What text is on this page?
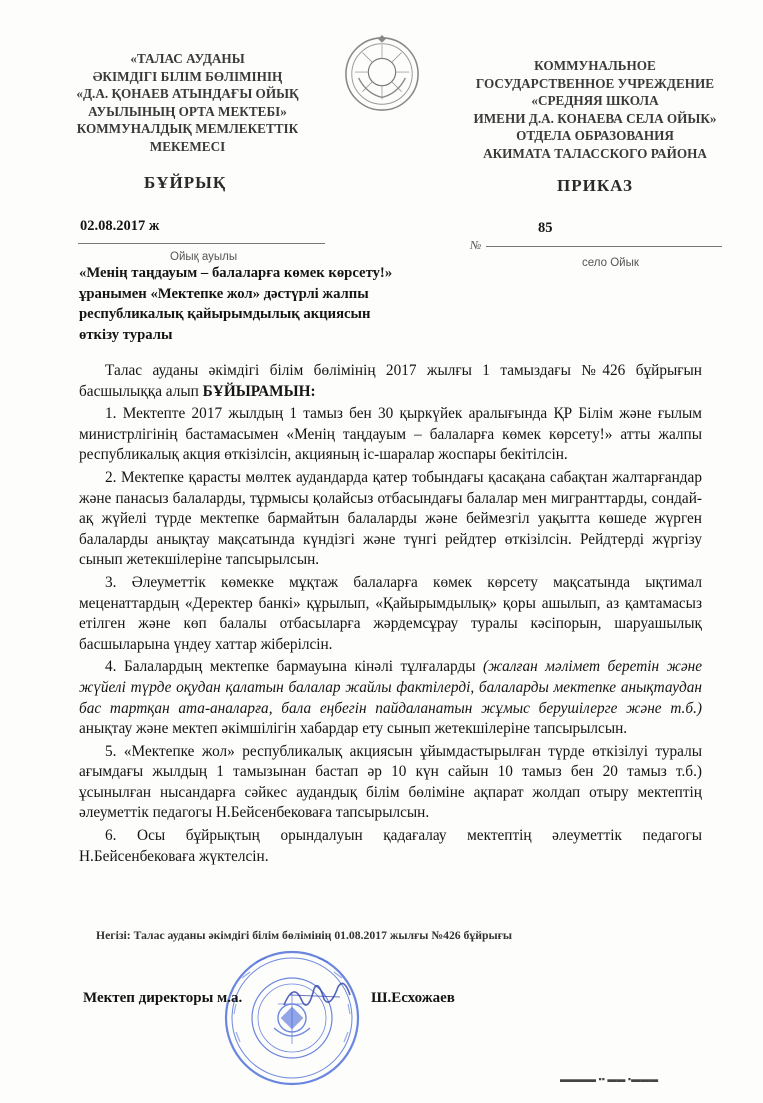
«ТАЛАС АУДАНЫ
ӘКІМДІГІ БІЛІМ БӨЛІМІНІҢ
«Д.А. ҚОНАЕВ АТЫНДАҒЫ ОЙЫҚ
АУЫЛЫНЫҢ ОРТА МЕКТЕБІ»
КОММУНАЛДЫҚ МЕМЛЕКЕТТІК
МЕКЕМЕСІ
КОММУНАЛЬНОЕ
ГОСУДАРСТВЕННОЕ УЧРЕЖДЕНИЕ
«СРЕДНЯЯ ШКОЛА
ИМЕНИ Д.А. КОНАЕВА СЕЛА ОЙЫК»
ОТДЕЛА ОБРАЗОВАНИЯ
АКИМАТА ТАЛАССКОГО РАЙОНА
БҰЙРЫҚ	ПРИКАЗ
02.08.2017 ж	85
Ойық ауылы
№
село Ойык
«Менің таңдауым – балаларға көмек көрсету!»
ұранымен «Мектепке жол» дәстүрлі жалпы
республикалық қайырымдылық акциясын
өткізу туралы

Талас ауданы әкімдігі білім бөлімінің 2017 жылғы 1 тамыздағы №426 бұйрығын басшылыққа алып БҰЙЫРАМЫН:

1. Мектепте 2017 жылдың 1 тамыз бен 30 қыркүйек аралығында ҚР Білім және ғылым министрлігінің бастамасымен «Менің таңдауым – балаларға көмек көрсету!» атты жалпы республикалық акция өткізілсін, акцияның іс-шаралар жоспары бекітілсін.

2. Мектепке қарасты мөлтек аудандарда қатер тобындағы қасақана сабақтан жалтарғандар және панасыз балаларды, тұрмысы қолайсыз отбасындағы балалар мен мигранттарды, сондай-ақ жүйелі түрде мектепке бармайтын балаларды және беймезгіл уақытта көшеде жүрген балаларды анықтау мақсатында күндізгі және түнгі рейдтер өткізілсін. Рейдтерді жүргізу сынып жетекшілеріне тапсырылсын.

3. Әлеуметтік көмекке мұқтаж балаларға көмек көрсету мақсатында ықтимал меценаттардың «Деректер банкі» құрылып, «Қайырымдылық» қоры ашылып, аз қамтамасыз етілген және көп балалы отбасыларға жәрдемсұрау туралы кәсіпорын, шаруашылық басшыларына үндеу хаттар жіберілсін.

4. Балалардың мектепке бармауына кінәлі тұлғаларды (жалған мәлімет беретін және жүйелі түрде оқудан қалатын балалар жайлы фактілерді, балаларды мектепке анықтаудан бас тартқан ата-аналарға, бала еңбегін пайдаланатын жұмыс берушілерге және т.б.) анықтау және мектеп әкімшілігін хабардар ету сынып жетекшілеріне тапсырылсын.

5. «Мектепке жол» республикалық акциясын ұйымдастырылған түрде өткізілуі туралы ағымдағы жылдың 1 тамызынан бастап әр 10 күн сайын 10 тамыз бен 20 тамыз т.б.) ұсынылған нысандарға сәйкес аудандық білім бөліміне ақпарат жолдап отыру мектептің әлеуметтік педагогы Н.Бейсенбековаға тапсырылсын.

6. Осы бұйрықтың орындалуын қадағалау мектептің әлеуметтік педагогы Н.Бейсенбековаға жүктелсін.

Негізі: Талас ауданы әкімдігі білім бөлімінің 01.08.2017 жылғы №426 бұйрығы
Мектеп директоры м.а.	Ш.Есхожаев
▬▬▬▬ ▪▪ ▬▬ ▪▬▬▬
